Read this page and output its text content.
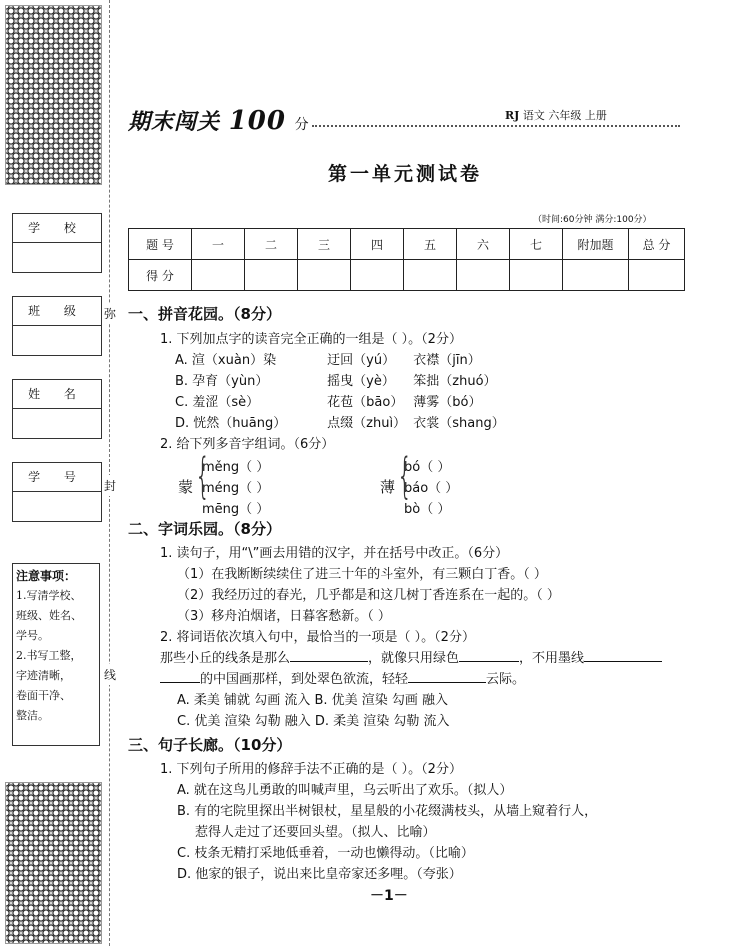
学 校
班 级
姓 名
学 号
注意事项：
1.写清学校、
班级、姓名、
学号。
2.书写工整，
字迹清晰，
卷面干净、
整洁。
弥
封
线
期末闯关 100 分
RJ 语文 六年级 上册
第一单元测试卷
（时间:60分钟 满分:100分）
题 号	一	二	三	四	五	六	七	附加题	总 分
得 分									
一、拼音花园。（8分）
1. 下列加点字的读音完全正确的一组是（ ）。（2分）
A. 渲（xuàn）染	迂回（yú） 衣襟（jīn）
B. 孕育（yùn）	摇曳（yè） 笨拙（zhuó）
C. 羞涩（sè）	花苞（bāo） 薄雾（bó）
D. 恍然（huāng）	点缀（zhuì） 衣裳（shang）
2. 给下列多音字组词。（6分）
蒙 {
měng（ ）
méng（ ）
mēng（ ）
薄 {
bó（ ）
báo（ ）
bò（ ）
二、字词乐园。（8分）
1. 读句子，用“\”画去用错的汉字，并在括号中改正。（6分）
（1）在我断断续续住了进三十年的斗室外，有三颗白丁香。（ ）
（2）我经历过的春光，几乎都是和这几树丁香连系在一起的。（ ）
（3）移舟泊烟诸，日暮客愁新。（ ）
2. 将词语依次填入句中，最恰当的一项是（ ）。（2分）
那些小丘的线条是那么	，就像只用绿色	，不用墨线
的中国画那样，到处翠色欲流，轻轻	云际。
A. 柔美 铺就 勾画 流入 B. 优美 渲染 勾画 融入
C. 优美 渲染 勾勒 融入 D. 柔美 渲染 勾勒 流入
三、句子长廊。（10分）
1. 下列句子所用的修辞手法不正确的是（ ）。（2分）
A. 就在这鸟儿勇敢的叫喊声里，乌云听出了欢乐。（拟人）
B. 有的宅院里探出半树银杖，星星般的小花缀满枝头，从墙上窥着行人，
惹得人走过了还要回头望。（拟人、比喻）
C. 枝条无精打采地低垂着，一动也懒得动。（比喻）
D. 他家的银子，说出来比皇帝家还多哩。（夸张）
－1－
